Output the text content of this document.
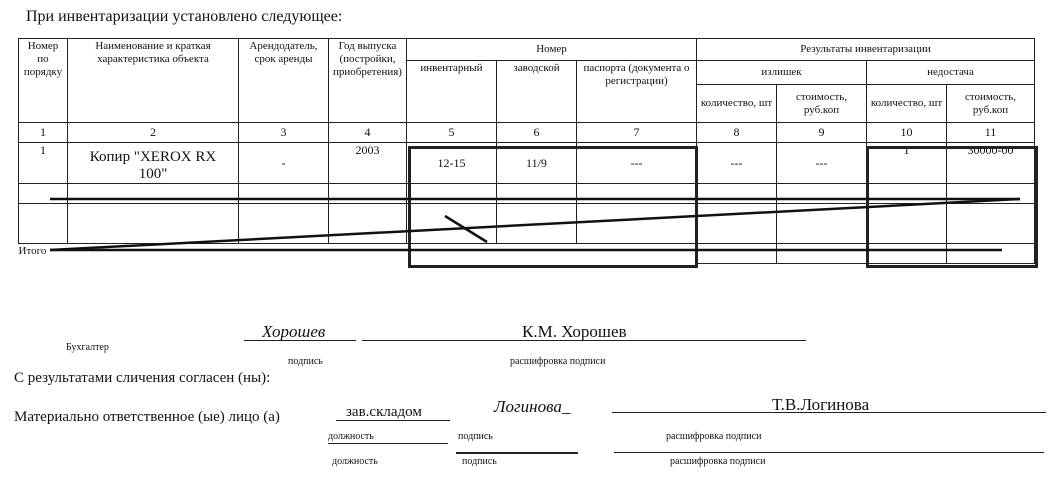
При инвентаризации установлено следующее:
Номер по порядку	Наименование и краткая характеристика объекта	Арендодатель, срок аренды	Год выпуска (постройки, приобретения)	Номер			Результаты инвентаризации			
				инвентарный	заводской	паспорта (документа о регистрации)	излишек		недостача	
							количество, шт	стоимость, руб.коп	количество, шт	стоимость, руб.коп
1	2	3	4	5	6	7	8	9	10	11
1	Копир "XEROX RX 100"	-	2003	12-15	11/9	---	---	---	1	30000-00

Итого										
Бухгалтер
Хорошев	К.М. Хорошев
подпись	расшифровка подписи
С результатами сличения согласен (ны):
Материально ответственное (ые) лицо (а)	зав.складом	Логинова_	Т.В.Логинова
должность	подпись	расшифровка подписи
должность	подпись	расшифровка подписи
